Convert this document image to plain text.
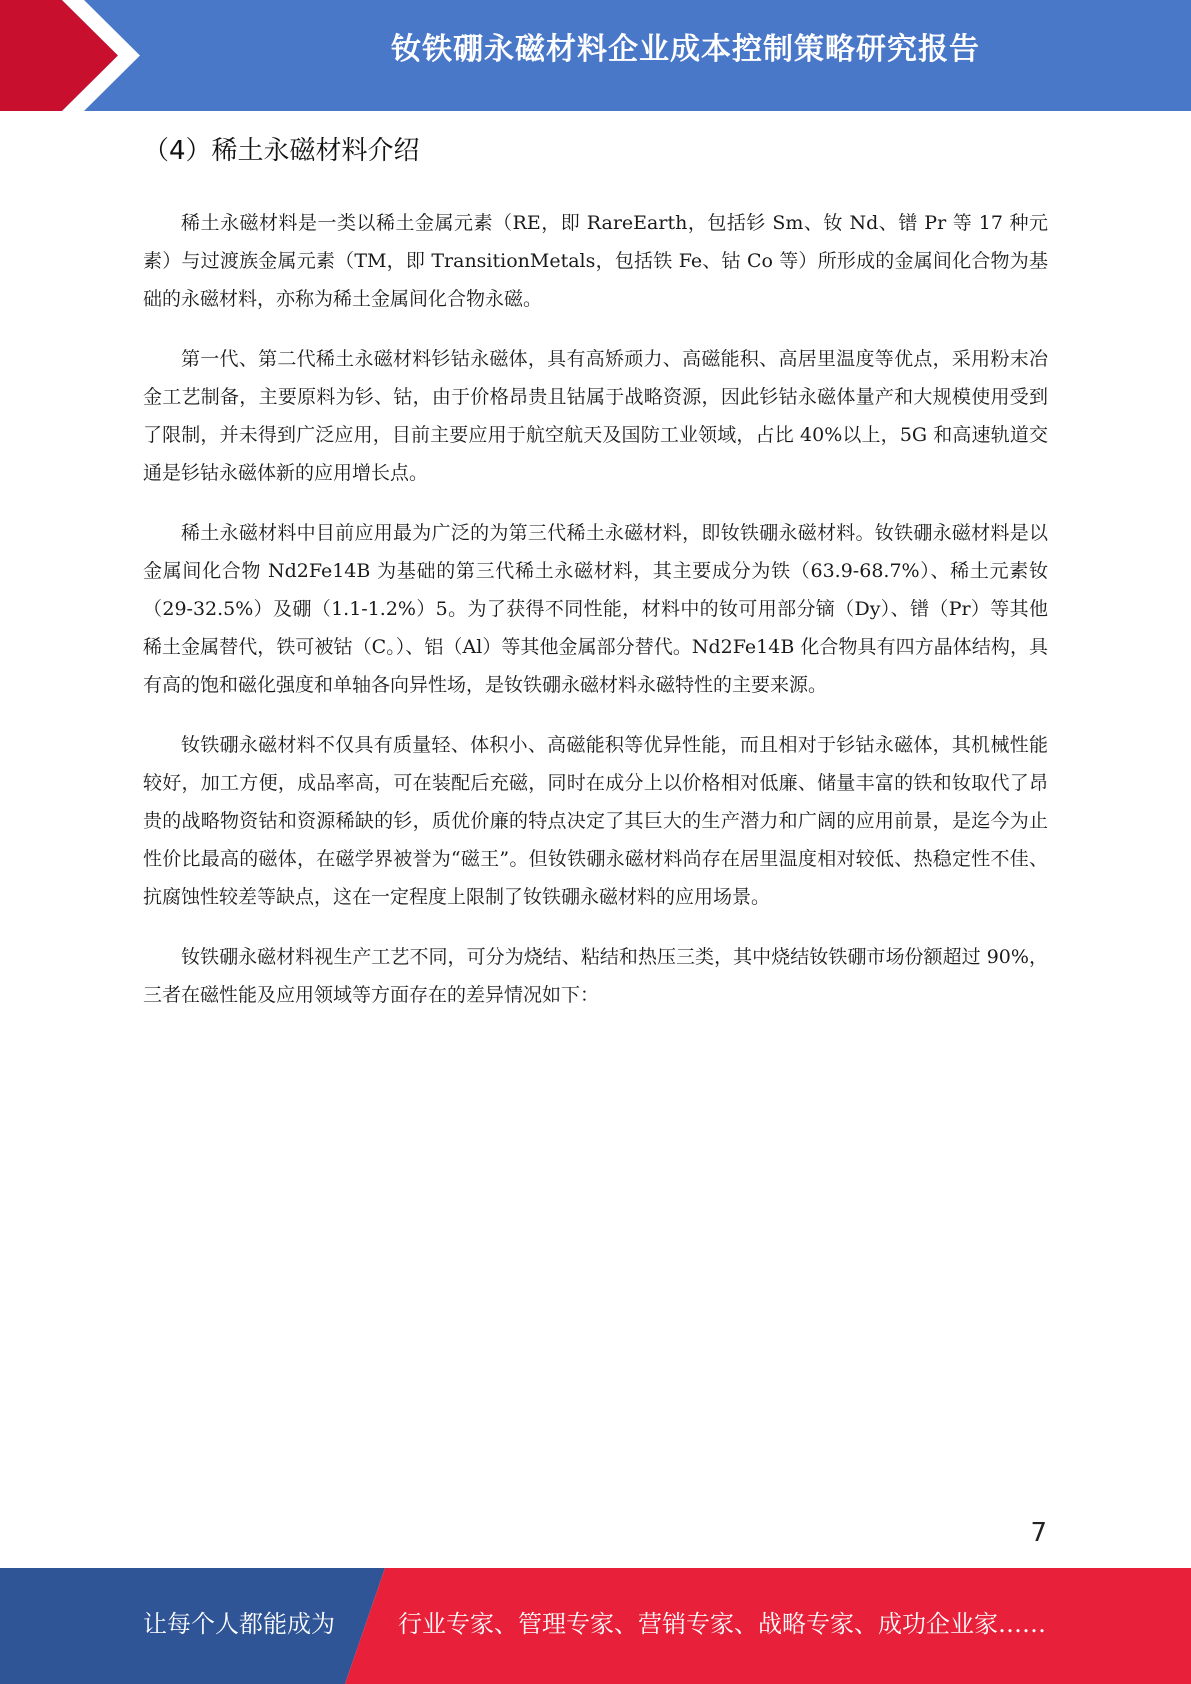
钕铁硼永磁材料企业成本控制策略研究报告
（4）稀土永磁材料介绍

稀土永磁材料是一类以稀土金属元素（RE，即 RareEarth，包括钐 Sm、钕 Nd、镨 Pr 等 17 种元素）与过渡族金属元素（TM，即 TransitionMetals，包括铁 Fe、钴 Co 等）所形成的金属间化合物为基础的永磁材料，亦称为稀土金属间化合物永磁。

第一代、第二代稀土永磁材料钐钴永磁体，具有高矫顽力、高磁能积、高居里温度等优点，采用粉末冶金工艺制备，主要原料为钐、钴，由于价格昂贵且钴属于战略资源，因此钐钴永磁体量产和大规模使用受到了限制，并未得到广泛应用，目前主要应用于航空航天及国防工业领域，占比 40%以上，5G 和高速轨道交通是钐钴永磁体新的应用增长点。

稀土永磁材料中目前应用最为广泛的为第三代稀土永磁材料，即钕铁硼永磁材料。钕铁硼永磁材料是以金属间化合物 Nd2Fe14B 为基础的第三代稀土永磁材料，其主要成分为铁（63.9-68.7%）、稀土元素钕（29-32.5%）及硼（1.1-1.2%）5。为了获得不同性能，材料中的钕可用部分镝（Dy）、镨（Pr）等其他稀土金属替代，铁可被钴（C。）、铝（Al）等其他金属部分替代。Nd2Fe14B 化合物具有四方晶体结构，具有高的饱和磁化强度和单轴各向异性场，是钕铁硼永磁材料永磁特性的主要来源。

钕铁硼永磁材料不仅具有质量轻、体积小、高磁能积等优异性能，而且相对于钐钴永磁体，其机械性能较好，加工方便，成品率高，可在装配后充磁，同时在成分上以价格相对低廉、储量丰富的铁和钕取代了昂贵的战略物资钴和资源稀缺的钐，质优价廉的特点决定了其巨大的生产潜力和广阔的应用前景，是迄今为止性价比最高的磁体，在磁学界被誉为“磁王”。但钕铁硼永磁材料尚存在居里温度相对较低、热稳定性不佳、抗腐蚀性较差等缺点，这在一定程度上限制了钕铁硼永磁材料的应用场景。

钕铁硼永磁材料视生产工艺不同，可分为烧结、粘结和热压三类，其中烧结钕铁硼市场份额超过 90%，三者在磁性能及应用领域等方面存在的差异情况如下：

7
让每个人都能成为	行业专家、管理专家、营销专家、战略专家、成功企业家……
